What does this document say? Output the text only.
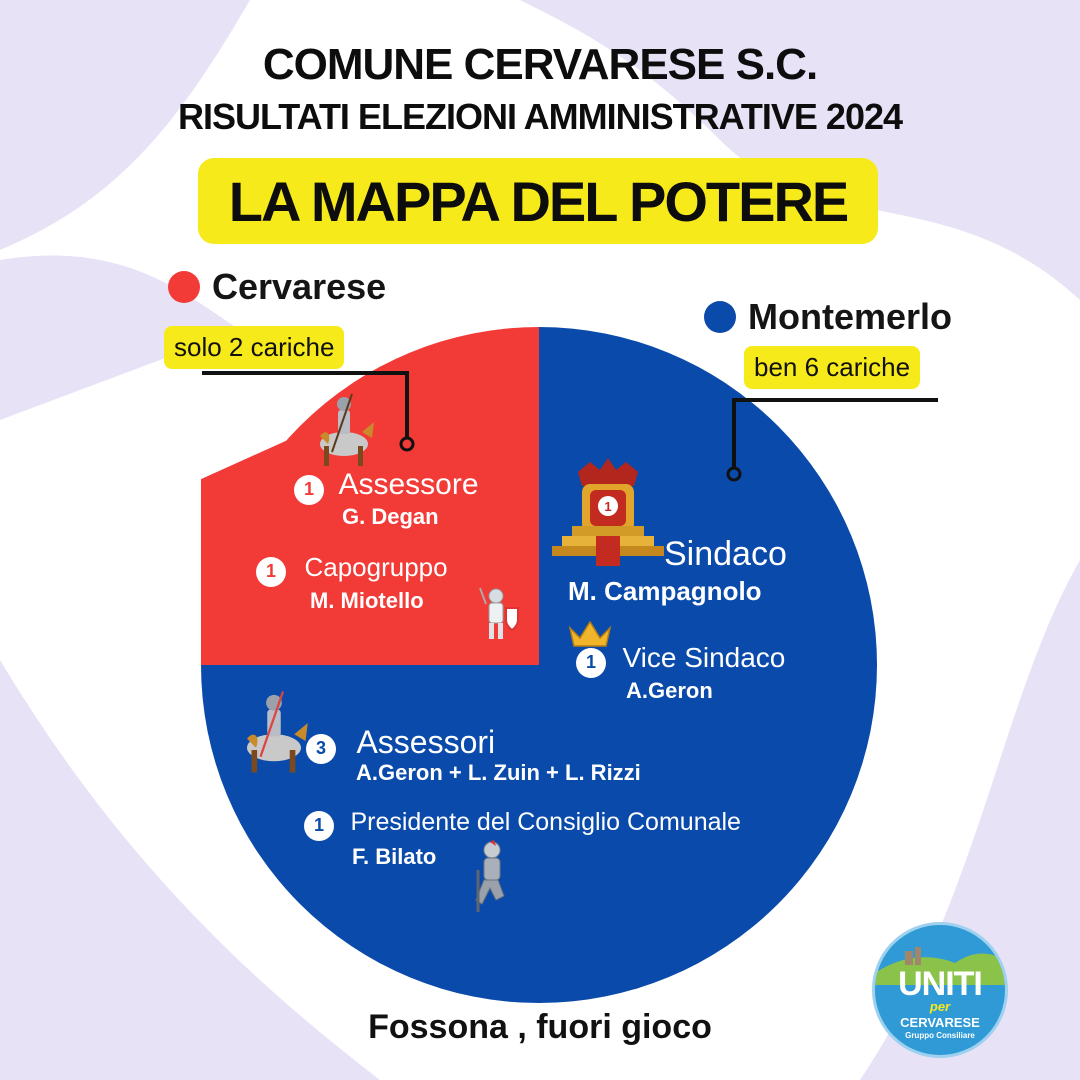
COMUNE CERVARESE S.C.
RISULTATI ELEZIONI AMMINISTRATIVE 2024
LA MAPPA DEL POTERE
Cervarese
solo 2 cariche
Montemerlo
ben 6 cariche
1 Assessore
G. Degan
1 Capogruppo
M. Miotello
1
Sindaco
M. Campagnolo
1 Vice Sindaco
A.Geron
3 Assessori
A.Geron + L. Zuin + L. Rizzi
1 Presidente del Consiglio Comunale
F. Bilato
Fossona , fuori gioco
UNITI
per
CERVARESE
Gruppo Consiliare
